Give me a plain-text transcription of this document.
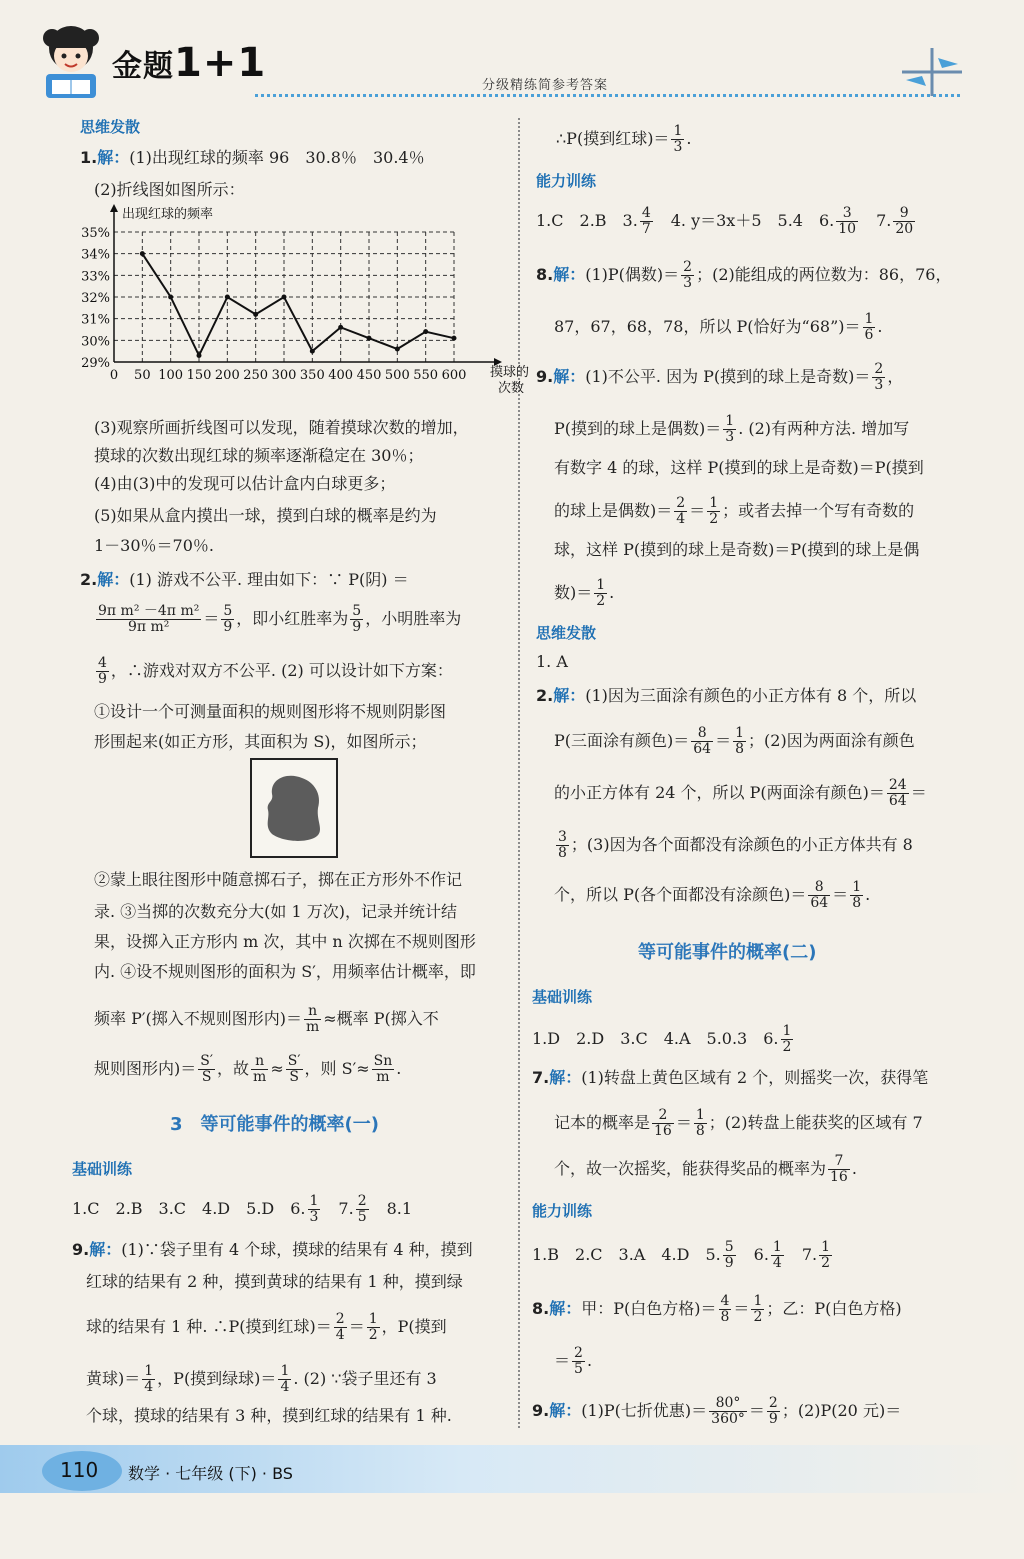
金题1+1	分级精练简参考答案
思维发散
1.解：(1)出现红球的频率 96　30.8％　30.4％
(2)折线图如图所示：
29%
30%
31%
32%
33%
34%
35%
0 50 100 150 200 250 300 350 400 450 500 550 600
出现红球的频率
摸球的
次数
(3)观察所画折线图可以发现，随着摸球次数的增加，
摸球的次数出现红球的频率逐渐稳定在 30％；
(4)由(3)中的发现可以估计盒内白球更多；
(5)如果从盒内摸出一球，摸到白球的概率是约为
1－30％＝70％.
2.解：(1) 游戏不公平. 理由如下：∵ P(阴) ＝
$\frac{\text{9π m² －4π m²}}{\text{9π m²}} = \frac{5}{9}$ ，即小红胜率为 $\frac{5}{9}$ ，小明胜率为
$\frac{4}{9}$ ，∴游戏对双方不公平. (2) 可以设计如下方案：
①设计一个可测量面积的规则图形将不规则阴影图
形围起来(如正方形，其面积为 S)，如图所示；
②蒙上眼往图形中随意掷石子，掷在正方形外不作记
录. ③当掷的次数充分大(如 1 万次)，记录并统计结
果，设掷入正方形内 m 次，其中 n 次掷在不规则图形
内. ④设不规则图形的面积为 S′，用频率估计概率，即
频率 P′(掷入不规则图形内)＝ $\frac{n}{m}$ ≈概率 P(掷入不
规则图形内)＝ $\frac{S'}{S}$ ，故 $\frac{n}{m} \approx \frac{S'}{S}$ ，则 $S'\approx \frac{Sn}{m}$ .
3　等可能事件的概率(一)
基础训练
1.C　2.B　3.C　4.D　5.D　6. $\frac{1}{3}$ 　7. $\frac{2}{5}$ 　8.1
9.解：(1)∵袋子里有 4 个球，摸球的结果有 4 种，摸到
红球的结果有 2 种，摸到黄球的结果有 1 种，摸到绿
球的结果有 1 种. ∴P(摸到红球)＝ $\frac{2}{4} = \frac{1}{2}$ ，P(摸到
黄球)＝ $\frac{1}{4}$ ，P(摸到绿球)＝ $\frac{1}{4}$ . (2) ∵袋子里还有 3
个球，摸球的结果有 3 种，摸到红球的结果有 1 种.
∴P(摸到红球)＝ $\frac{1}{3}$ .
能力训练
1.C　2.B　3. $\frac{4}{7}$ 　4. y＝3x＋5　5.4　6. $\frac{3}{10}$ 　7. $\frac{9}{20}$
8.解：(1)P(偶数)＝ $\frac{2}{3}$ ；(2)能组成的两位数为：86，76，
87，67，68，78，所以 P(恰好为“68”)＝ $\frac{1}{6}$ .
9.解：(1)不公平. 因为 P(摸到的球上是奇数)＝ $\frac{2}{3}$ ，
P(摸到的球上是偶数)＝ $\frac{1}{3}$ . (2)有两种方法. 增加写
有数字 4 的球，这样 P(摸到的球上是奇数)＝P(摸到
的球上是偶数)＝ $\frac{2}{4} = \frac{1}{2}$ ；或者去掉一个写有奇数的
球，这样 P(摸到的球上是奇数)＝P(摸到的球上是偶
数)＝ $\frac{1}{2}$ .
思维发散
1. A
2.解：(1)因为三面涂有颜色的小正方体有 8 个，所以
P(三面涂有颜色)＝ $\frac{8}{64} = \frac{1}{8}$ ；(2)因为两面涂有颜色
的小正方体有 24 个，所以 P(两面涂有颜色)＝ $\frac{24}{64}$ ＝
$\frac{3}{8}$ ；(3)因为各个面都没有涂颜色的小正方体共有 8
个，所以 P(各个面都没有涂颜色)＝ $\frac{8}{64} = \frac{1}{8}$ .
等可能事件的概率(二)
基础训练
1.D　2.D　3.C　4.A　5.0.3　6. $\frac{1}{2}$
7.解：(1)转盘上黄色区域有 2 个，则摇奖一次，获得笔
记本的概率是 $\frac{2}{16} = \frac{1}{8}$ ；(2)转盘上能获奖的区域有 7
个，故一次摇奖，能获得奖品的概率为 $\frac{7}{16}$ .
能力训练
1.B　2.C　3.A　4.D　5. $\frac{5}{9}$ 　6. $\frac{1}{4}$ 　7. $\frac{1}{2}$
8.解：甲：P(白色方格)＝ $\frac{4}{8} = \frac{1}{2}$ ；乙：P(白色方格)
＝ $\frac{2}{5}$ .
9.解：(1)P(七折优惠)＝ $\frac{80^\circ}{360^\circ} = \frac{2}{9}$ ；(2)P(20 元)＝
110 数学 · 七年级 (下) · BS
